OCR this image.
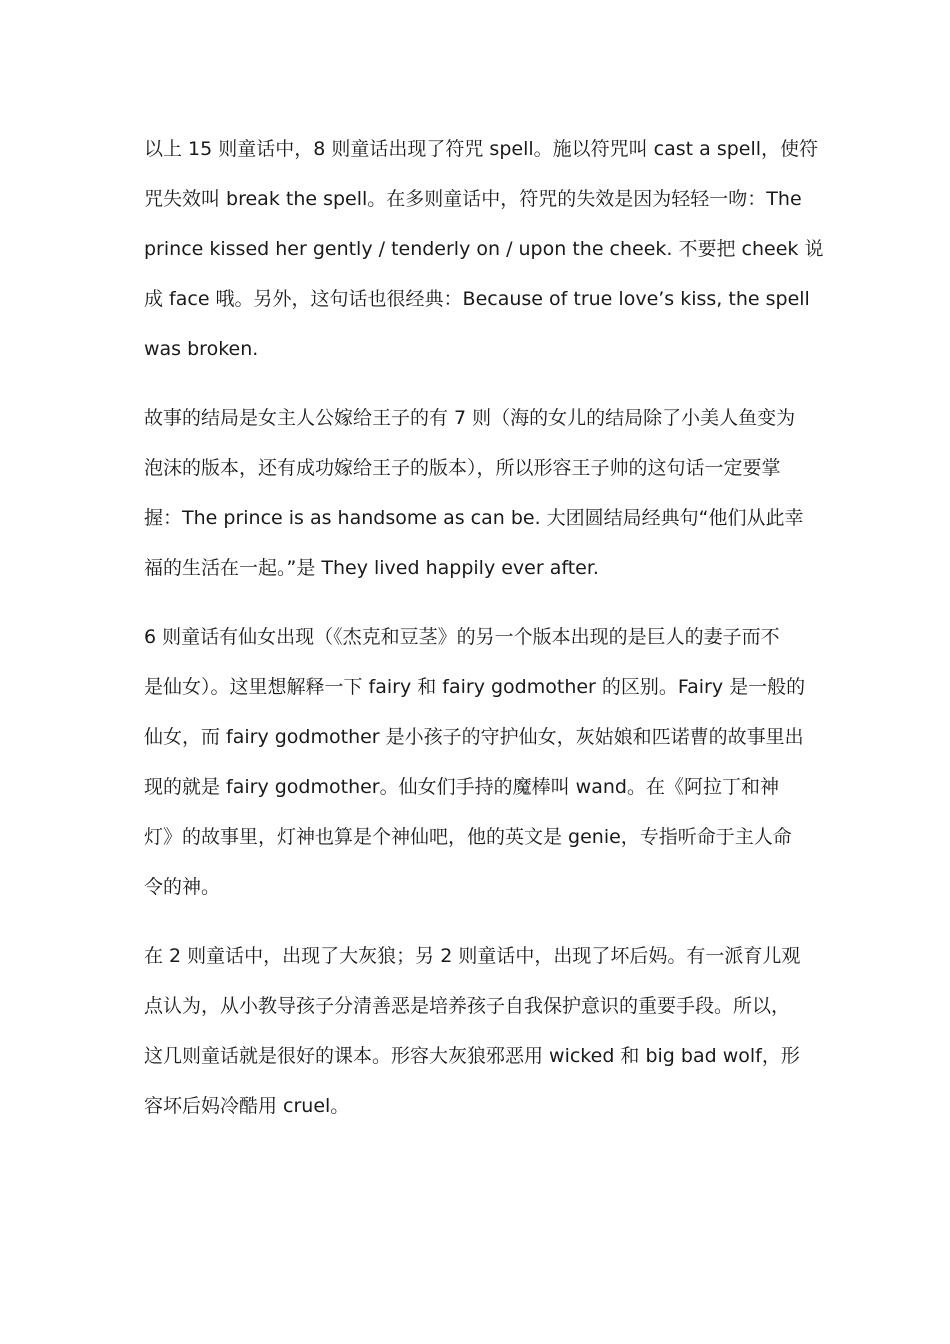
以上 15 则童话中，8 则童话出现了符咒 spell。施以符咒叫 cast a spell，使符
咒失效叫 break the spell。在多则童话中，符咒的失效是因为轻轻一吻：The
prince kissed her gently / tenderly on / upon the cheek. 不要把 cheek 说
成 face 哦。另外，这句话也很经典：Because of true love’s kiss, the spell
was broken.
故事的结局是女主人公嫁给王子的有 7 则（海的女儿的结局除了小美人鱼变为
泡沫的版本，还有成功嫁给王子的版本），所以形容王子帅的这句话一定要掌
握：The prince is as handsome as can be. 大团圆结局经典句“他们从此幸
福的生活在一起。”是 They lived happily ever after.
6 则童话有仙女出现（《杰克和豆茎》的另一个版本出现的是巨人的妻子而不
是仙女）。这里想解释一下 fairy 和 fairy godmother 的区别。Fairy 是一般的
仙女，而 fairy godmother 是小孩子的守护仙女，灰姑娘和匹诺曹的故事里出
现的就是 fairy godmother。仙女们手持的魔棒叫 wand。在《阿拉丁和神
灯》的故事里，灯神也算是个神仙吧，他的英文是 genie，专指听命于主人命
令的神。
在 2 则童话中，出现了大灰狼；另 2 则童话中，出现了坏后妈。有一派育儿观
点认为，从小教导孩子分清善恶是培养孩子自我保护意识的重要手段。所以，
这几则童话就是很好的课本。形容大灰狼邪恶用 wicked 和 big bad wolf，形
容坏后妈冷酷用 cruel。
